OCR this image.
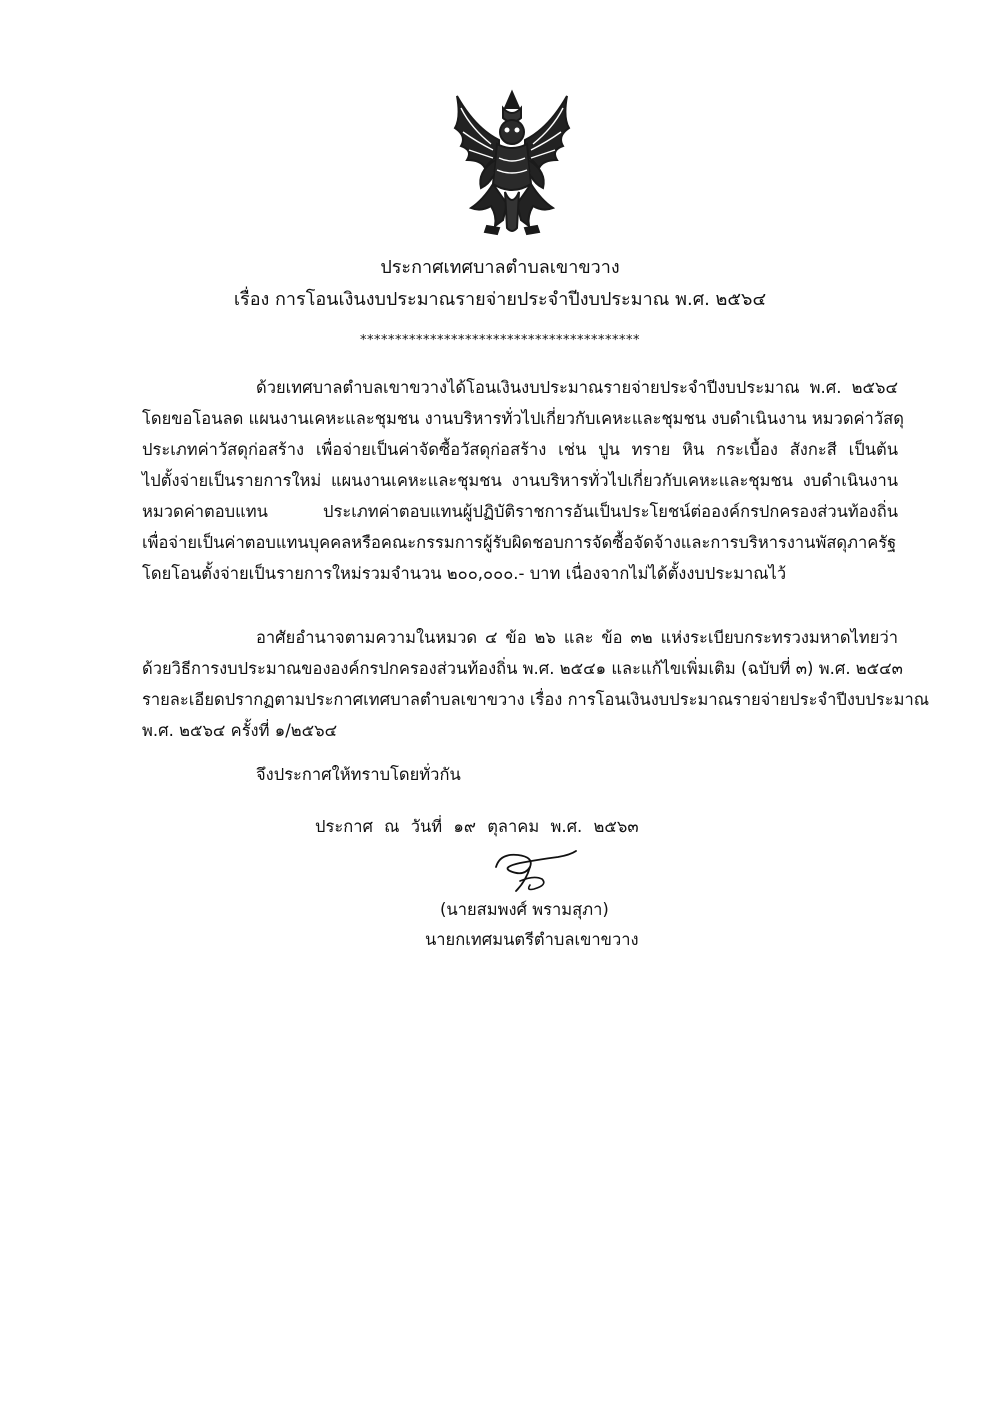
ประกาศเทศบาลตำบลเขาขวาง
เรื่อง การโอนเงินงบประมาณรายจ่ายประจำปีงบประมาณ พ.ศ. ๒๕๖๔
****************************************
ด้วยเทศบาลตำบลเขาขวางได้โอนเงินงบประมาณรายจ่ายประจำปีงบประมาณ พ.ศ. ๒๕๖๔
โดยขอโอนลด แผนงานเคหะและชุมชน งานบริหารทั่วไปเกี่ยวกับเคหะและชุมชน งบดำเนินงาน หมวดค่าวัสดุ
ประเภทค่าวัสดุก่อสร้าง เพื่อจ่ายเป็นค่าจัดซื้อวัสดุก่อสร้าง เช่น ปูน ทราย หิน กระเบื้อง สังกะสี เป็นต้น
ไปตั้งจ่ายเป็นรายการใหม่ แผนงานเคหะและชุมชน งานบริหารทั่วไปเกี่ยวกับเคหะและชุมชน งบดำเนินงาน
หมวดค่าตอบแทน ประเภทค่าตอบแทนผู้ปฏิบัติราชการอันเป็นประโยชน์ต่อองค์กรปกครองส่วนท้องถิ่น
เพื่อจ่ายเป็นค่าตอบแทนบุคคลหรือคณะกรรมการผู้รับผิดชอบการจัดซื้อจัดจ้างและการบริหารงานพัสดุภาครัฐ
โดยโอนตั้งจ่ายเป็นรายการใหม่รวมจำนวน ๒๐๐,๐๐๐.- บาท เนื่องจากไม่ได้ตั้งงบประมาณไว้
อาศัยอำนาจตามความในหมวด ๔ ข้อ ๒๖ และ ข้อ ๓๒ แห่งระเบียบกระทรวงมหาดไทยว่า
ด้วยวิธีการงบประมาณขององค์กรปกครองส่วนท้องถิ่น พ.ศ. ๒๕๔๑ และแก้ไขเพิ่มเติม (ฉบับที่ ๓) พ.ศ. ๒๕๔๓
รายละเอียดปรากฏตามประกาศเทศบาลตำบลเขาขวาง เรื่อง การโอนเงินงบประมาณรายจ่ายประจำปีงบประมาณ
พ.ศ. ๒๕๖๔ ครั้งที่ ๑/๒๕๖๔
จึงประกาศให้ทราบโดยทั่วกัน
ประกาศ ณ วันที่ ๑๙ ตุลาคม พ.ศ. ๒๕๖๓
(นายสมพงศ์ พรามสุภา)
นายกเทศมนตรีตำบลเขาขวาง
